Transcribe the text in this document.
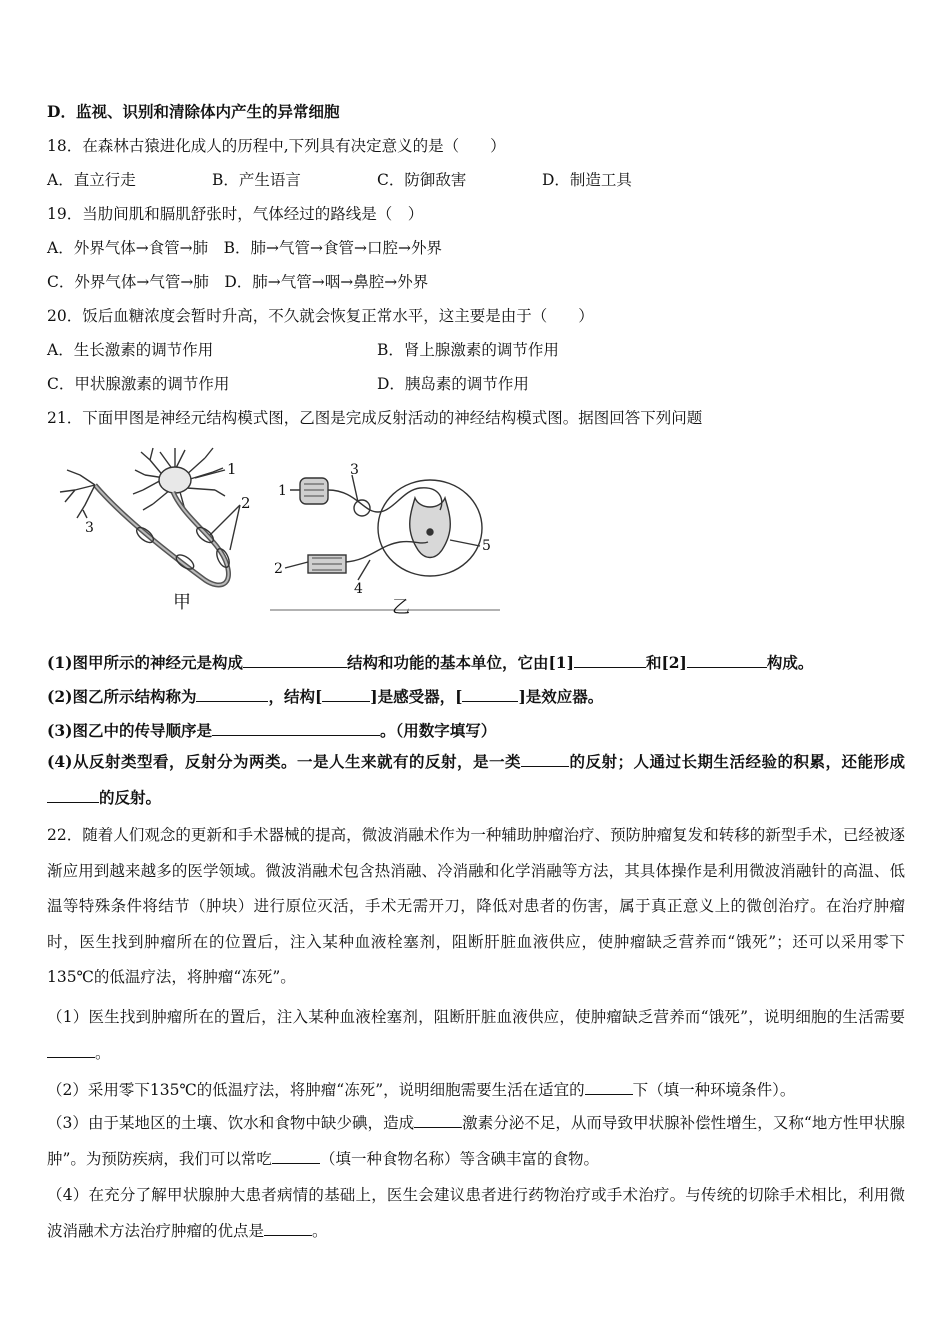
D．监视、识别和清除体内产生的异常细胞
18．在森林古猿进化成人的历程中,下列具有决定意义的是（　　）
A．直立行走	B．产生语言	C．防御敌害	D．制造工具
19．当肋间肌和膈肌舒张时，气体经过的路线是（　）
A．外界气体→食管→肺　B．肺→气管→食管→口腔→外界
C．外界气体→气管→肺　D．肺→气管→咽→鼻腔→外界
20．饭后血糖浓度会暂时升高，不久就会恢复正常水平，这主要是由于（　　）
A．生长激素的调节作用	B．肾上腺激素的调节作用
C．甲状腺激素的调节作用	D．胰岛素的调节作用
21．下面甲图是神经元结构模式图，乙图是完成反射活动的神经结构模式图。据图回答下列问题
1
2
3
甲
1
2
3
4
5
乙
(1)图甲所示的神经元是构成	结构和功能的基本单位，它由[1]	和[2]	构成。
(2)图乙所示结构称为	，结构[	]是感受器，[	]是效应器。
(3)图乙中的传导顺序是	。（用数字填写）
(4)从反射类型看，反射分为两类。一是人生来就有的反射，是一类	的反射；人通过长期生活经验的积累，还能形成的反射。
22．随着人们观念的更新和手术器械的提高，微波消融术作为一种辅助肿瘤治疗、预防肿瘤复发和转移的新型手术，已经被逐渐应用到越来越多的医学领域。微波消融术包含热消融、冷消融和化学消融等方法，其具体操作是利用微波消融针的高温、低温等特殊条件将结节（肿块）进行原位灭活，手术无需开刀，降低对患者的伤害，属于真正意义上的微创治疗。在治疗肿瘤时，医生找到肿瘤所在的位置后，注入某种血液栓塞剂，阻断肝脏血液供应，使肿瘤缺乏营养而“饿死”；还可以采用零下135℃的低温疗法，将肿瘤“冻死”。
（1）医生找到肿瘤所在的置后，注入某种血液栓塞剂，阻断肝脏血液供应，使肿瘤缺乏营养而“饿死”，说明细胞的生活需要。
（2）采用零下135℃的低温疗法，将肿瘤“冻死”，说明细胞需要生活在适宜的	下（填一种环境条件）。
（3）由于某地区的土壤、饮水和食物中缺少碘，造成	激素分泌不足，从而导致甲状腺补偿性增生，又称“地方性甲状腺肿”。为预防疾病，我们可以常吃	（填一种食物名称）等含碘丰富的食物。
（4）在充分了解甲状腺肿大患者病情的基础上，医生会建议患者进行药物治疗或手术治疗。与传统的切除手术相比，利用微波消融术方法治疗肿瘤的优点是	。
